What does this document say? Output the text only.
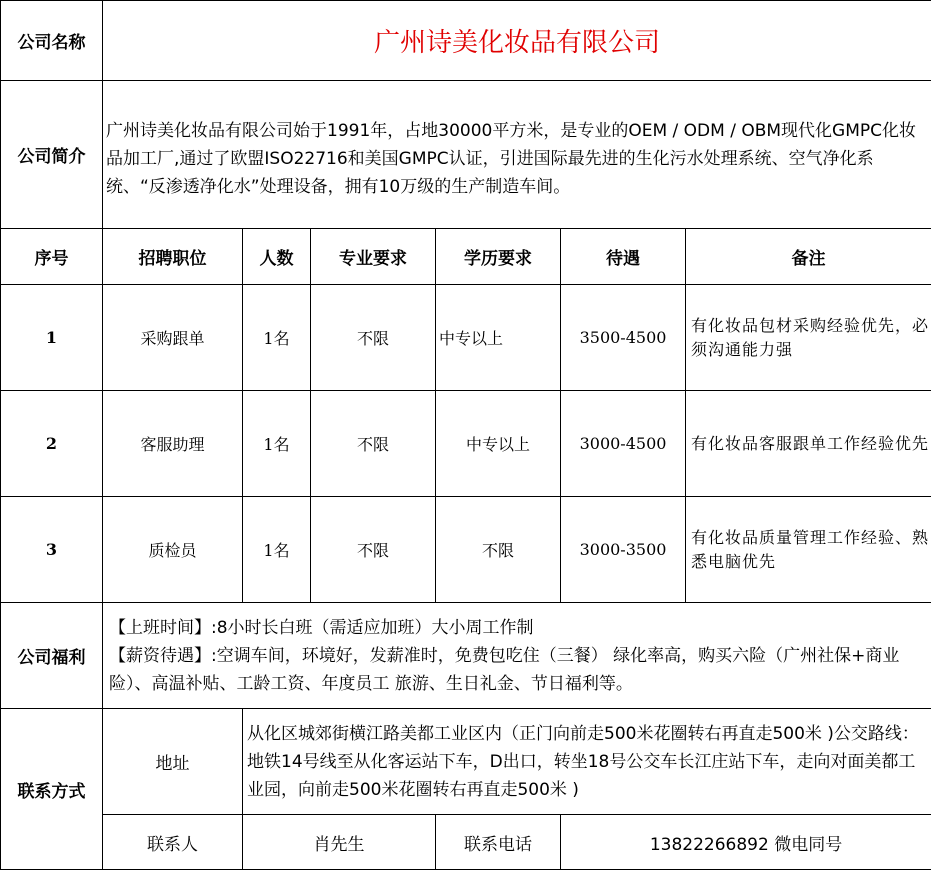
公司名称	广州诗美化妆品有限公司					
公司简介	广州诗美化妆品有限公司始于1991年，占地30000平方米，是专业的OEM / ODM / OBM现代化GMPC化妆品加工厂,通过了欧盟ISO22716和美国GMPC认证，引进国际最先进的生化污水处理系统、空气净化系统、“反渗透净化水”处理设备，拥有10万级的生产制造车间。					
序号	招聘职位	人数	专业要求	学历要求	待遇	备注
1	采购跟单	1名	不限	中专以上	3500-4500	有化妆品包材采购经验优先，必须沟通能力强
2	客服助理	1名	不限	中专以上	3000-4500	有化妆品客服跟单工作经验优先
3	质检员	1名	不限	不限	3000-3500	有化妆品质量管理工作经验、熟悉电脑优先
公司福利	【上班时间】:8小时长白班（需适应加班）大小周工作制
【薪资待遇】:空调车间，环境好，发薪准时，免费包吃住（三餐） 绿化率高，购买六险（广州社保+商业险）、高温补贴、工龄工资、年度员工 旅游、生日礼金、节日福利等。					

联系方式	地址	从化区城郊街横江路美都工业区内（正门向前走500米花圈转右再直走500米 )公交路线：地铁14号线至从化客运站下车，D出口，转坐18号公交车长江庄站下车，走向对面美都工业园，向前走500米花圈转右再直走500米 )				
	联系人	肖先生		联系电话	13822266892 微电同号	
